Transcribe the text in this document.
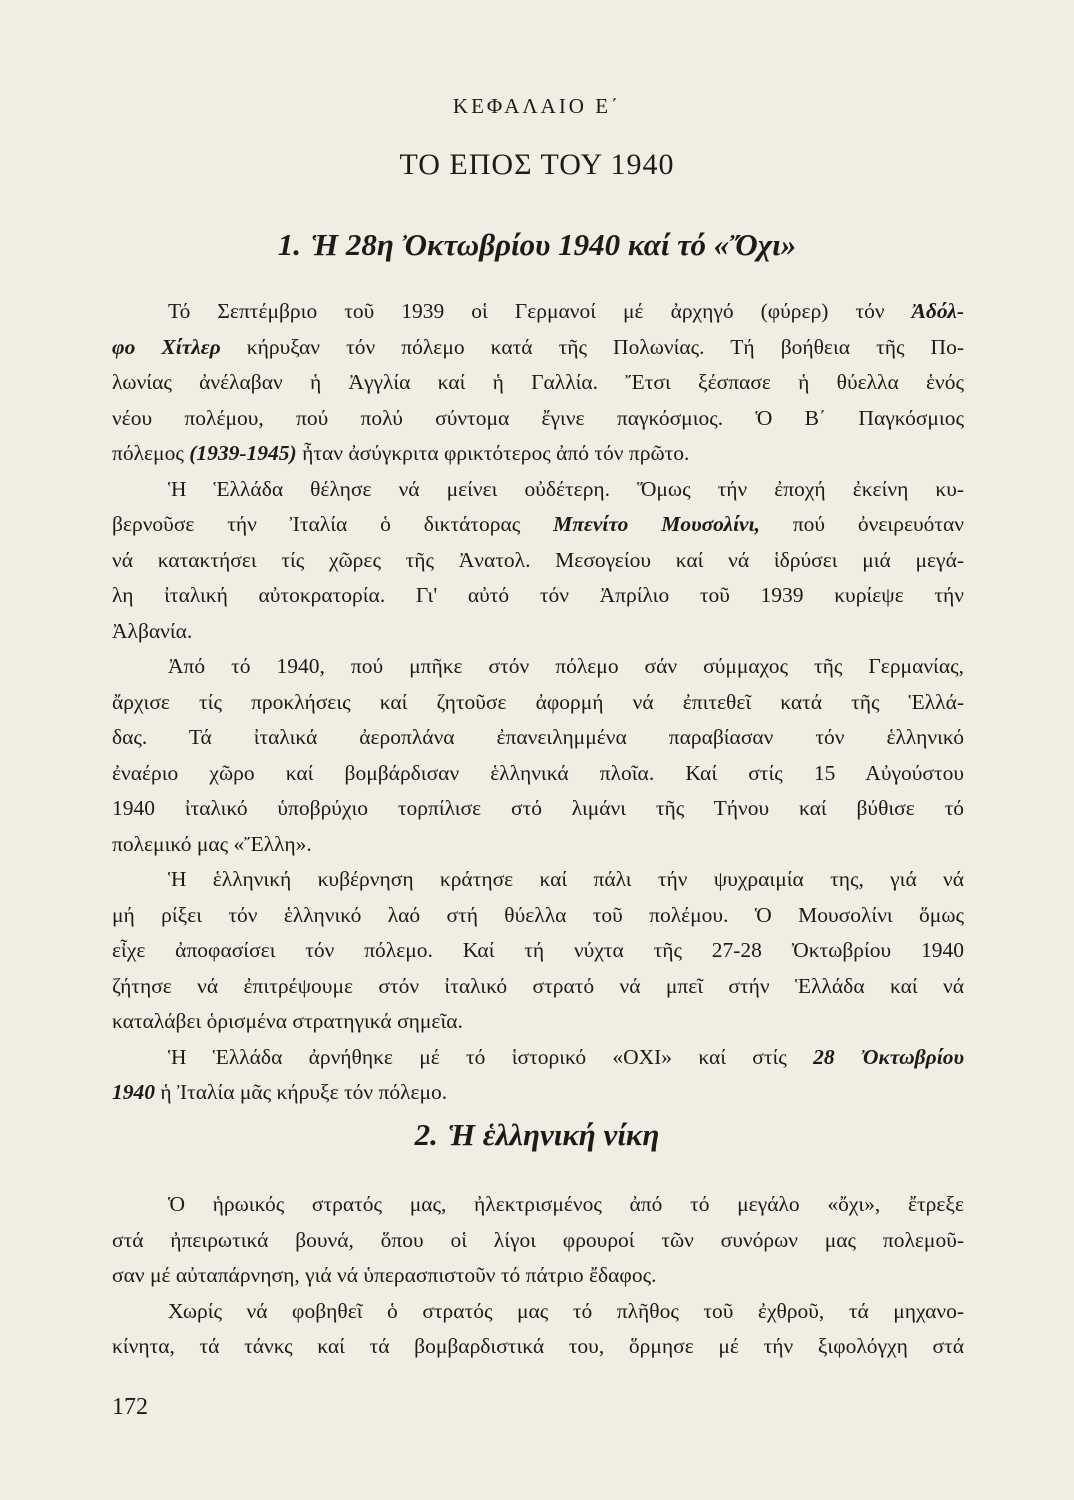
ΚΕΦΑΛΑΙΟ Ε΄
ΤΟ ΕΠΟΣ ΤΟΥ 1940
1. Ἡ 28η Ὀκτωβρίου 1940 καί τό «Ὄχι»
Τό Σεπτέμβριο τοῦ 1939 οἱ Γερμανοί μέ ἀρχηγό (φύρερ) τόν Ἀδόλ-
φο Χίτλερ κήρυξαν τόν πόλεμο κατά τῆς Πολωνίας. Τή βοήθεια τῆς Πο-
λωνίας ἀνέλαβαν ἡ Ἀγγλία καί ἡ Γαλλία. Ἔτσι ξέσπασε ἡ θύελλα ἑνός
νέου πολέμου, πού πολύ σύντομα ἔγινε παγκόσμιος. Ὁ Β΄ Παγκόσμιος
πόλεμος (1939-1945) ἦταν ἀσύγκριτα φρικτότερος ἀπό τόν πρῶτο.
Ἡ Ἑλλάδα θέλησε νά μείνει οὐδέτερη. Ὅμως τήν ἐποχή ἐκείνη κυ-
βερνοῦσε τήν Ἰταλία ὁ δικτάτορας Μπενίτο Μουσολίνι, πού ὀνειρευόταν
νά κατακτήσει τίς χῶρες τῆς Ἀνατολ. Μεσογείου καί νά ἱδρύσει μιά μεγά-
λη ἰταλική αὐτοκρατορία. Γι' αὐτό τόν Ἀπρίλιο τοῦ 1939 κυρίεψε τήν
Ἀλβανία.
Ἀπό τό 1940, πού μπῆκε στόν πόλεμο σάν σύμμαχος τῆς Γερμανίας,
ἄρχισε τίς προκλήσεις καί ζητοῦσε ἀφορμή νά ἐπιτεθεῖ κατά τῆς Ἑλλά-
δας. Τά ἰταλικά ἀεροπλάνα ἐπανειλημμένα παραβίασαν τόν ἑλληνικό
ἐναέριο χῶρο καί βομβάρδισαν ἑλληνικά πλοῖα. Καί στίς 15 Αὐγούστου
1940 ἰταλικό ὑποβρύχιο τορπίλισε στό λιμάνι τῆς Τήνου καί βύθισε τό
πολεμικό μας «Ἔλλη».
Ἡ ἑλληνική κυβέρνηση κράτησε καί πάλι τήν ψυχραιμία της, γιά νά
μή ρίξει τόν ἑλληνικό λαό στή θύελλα τοῦ πολέμου. Ὁ Μουσολίνι ὅμως
εἶχε ἀποφασίσει τόν πόλεμο. Καί τή νύχτα τῆς 27-28 Ὀκτωβρίου 1940
ζήτησε νά ἐπιτρέψουμε στόν ἰταλικό στρατό νά μπεῖ στήν Ἑλλάδα καί νά
καταλάβει ὁρισμένα στρατηγικά σημεῖα.
Ἡ Ἑλλάδα ἀρνήθηκε μέ τό ἱστορικό «ΟΧΙ» καί στίς 28 Ὀκτωβρίου
1940 ἡ Ἰταλία μᾶς κήρυξε τόν πόλεμο.
2. Ἡ ἑλληνική νίκη
Ὁ ἡρωικός στρατός μας, ἠλεκτρισμένος ἀπό τό μεγάλο «ὄχι», ἔτρεξε
στά ἠπειρωτικά βουνά, ὅπου οἱ λίγοι φρουροί τῶν συνόρων μας πολεμοῦ-
σαν μέ αὐταπάρνηση, γιά νά ὑπερασπιστοῦν τό πάτριο ἔδαφος.
Χωρίς νά φοβηθεῖ ὁ στρατός μας τό πλῆθος τοῦ ἐχθροῦ, τά μηχανο-
κίνητα, τά τάνκς καί τά βομβαρδιστικά του, ὅρμησε μέ τήν ξιφολόγχη στά
172
